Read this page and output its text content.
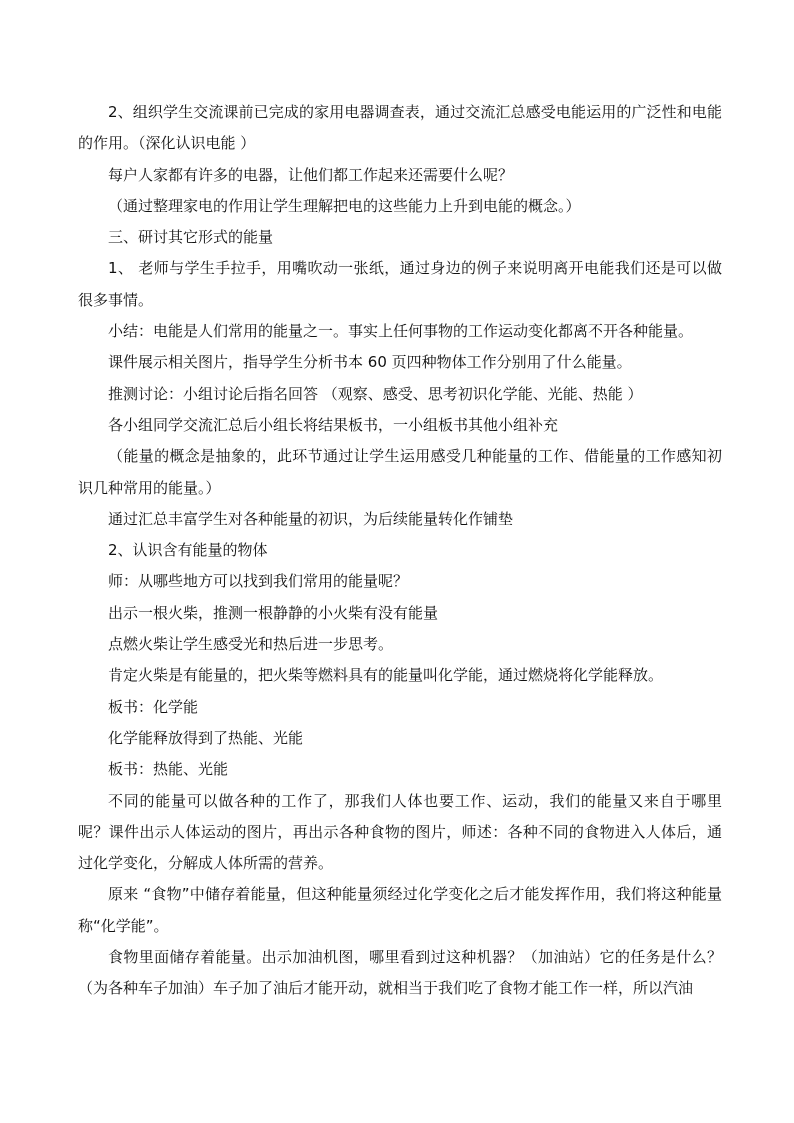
2、组织学生交流课前已完成的家用电器调查表，通过交流汇总感受电能运用的广泛性和电能的作用。（深化认识电能 ）

每户人家都有许多的电器，让他们都工作起来还需要什么呢？

（通过整理家电的作用让学生理解把电的这些能力上升到电能的概念。）

三、研讨其它形式的能量

1、 老师与学生手拉手，用嘴吹动一张纸，通过身边的例子来说明离开电能我们还是可以做很多事情。

小结：电能是人们常用的能量之一。事实上任何事物的工作运动变化都离不开各种能量。

课件展示相关图片，指导学生分析书本 60 页四种物体工作分别用了什么能量。

推测讨论：小组讨论后指名回答 （观察、感受、思考初识化学能、光能、热能 ）

各小组同学交流汇总后小组长将结果板书，一小组板书其他小组补充

（能量的概念是抽象的，此环节通过让学生运用感受几种能量的工作、借能量的工作感知初识几种常用的能量。）

通过汇总丰富学生对各种能量的初识，为后续能量转化作铺垫

2、认识含有能量的物体

师：从哪些地方可以找到我们常用的能量呢？

出示一根火柴，推测一根静静的小火柴有没有能量

点燃火柴让学生感受光和热后进一步思考。

肯定火柴是有能量的，把火柴等燃料具有的能量叫化学能，通过燃烧将化学能释放。

板书：化学能

化学能释放得到了热能、光能

板书：热能、光能

不同的能量可以做各种的工作了，那我们人体也要工作、运动，我们的能量又来自于哪里呢？课件出示人体运动的图片，再出示各种食物的图片，师述：各种不同的食物进入人体后，通过化学变化，分解成人体所需的营养。

原来 “食物”中储存着能量，但这种能量须经过化学变化之后才能发挥作用，我们将这种能量称“化学能”。

食物里面储存着能量。出示加油机图，哪里看到过这种机器？（加油站）它的任务是什么？（为各种车子加油）车子加了油后才能开动，就相当于我们吃了食物才能工作一样，所以汽油
